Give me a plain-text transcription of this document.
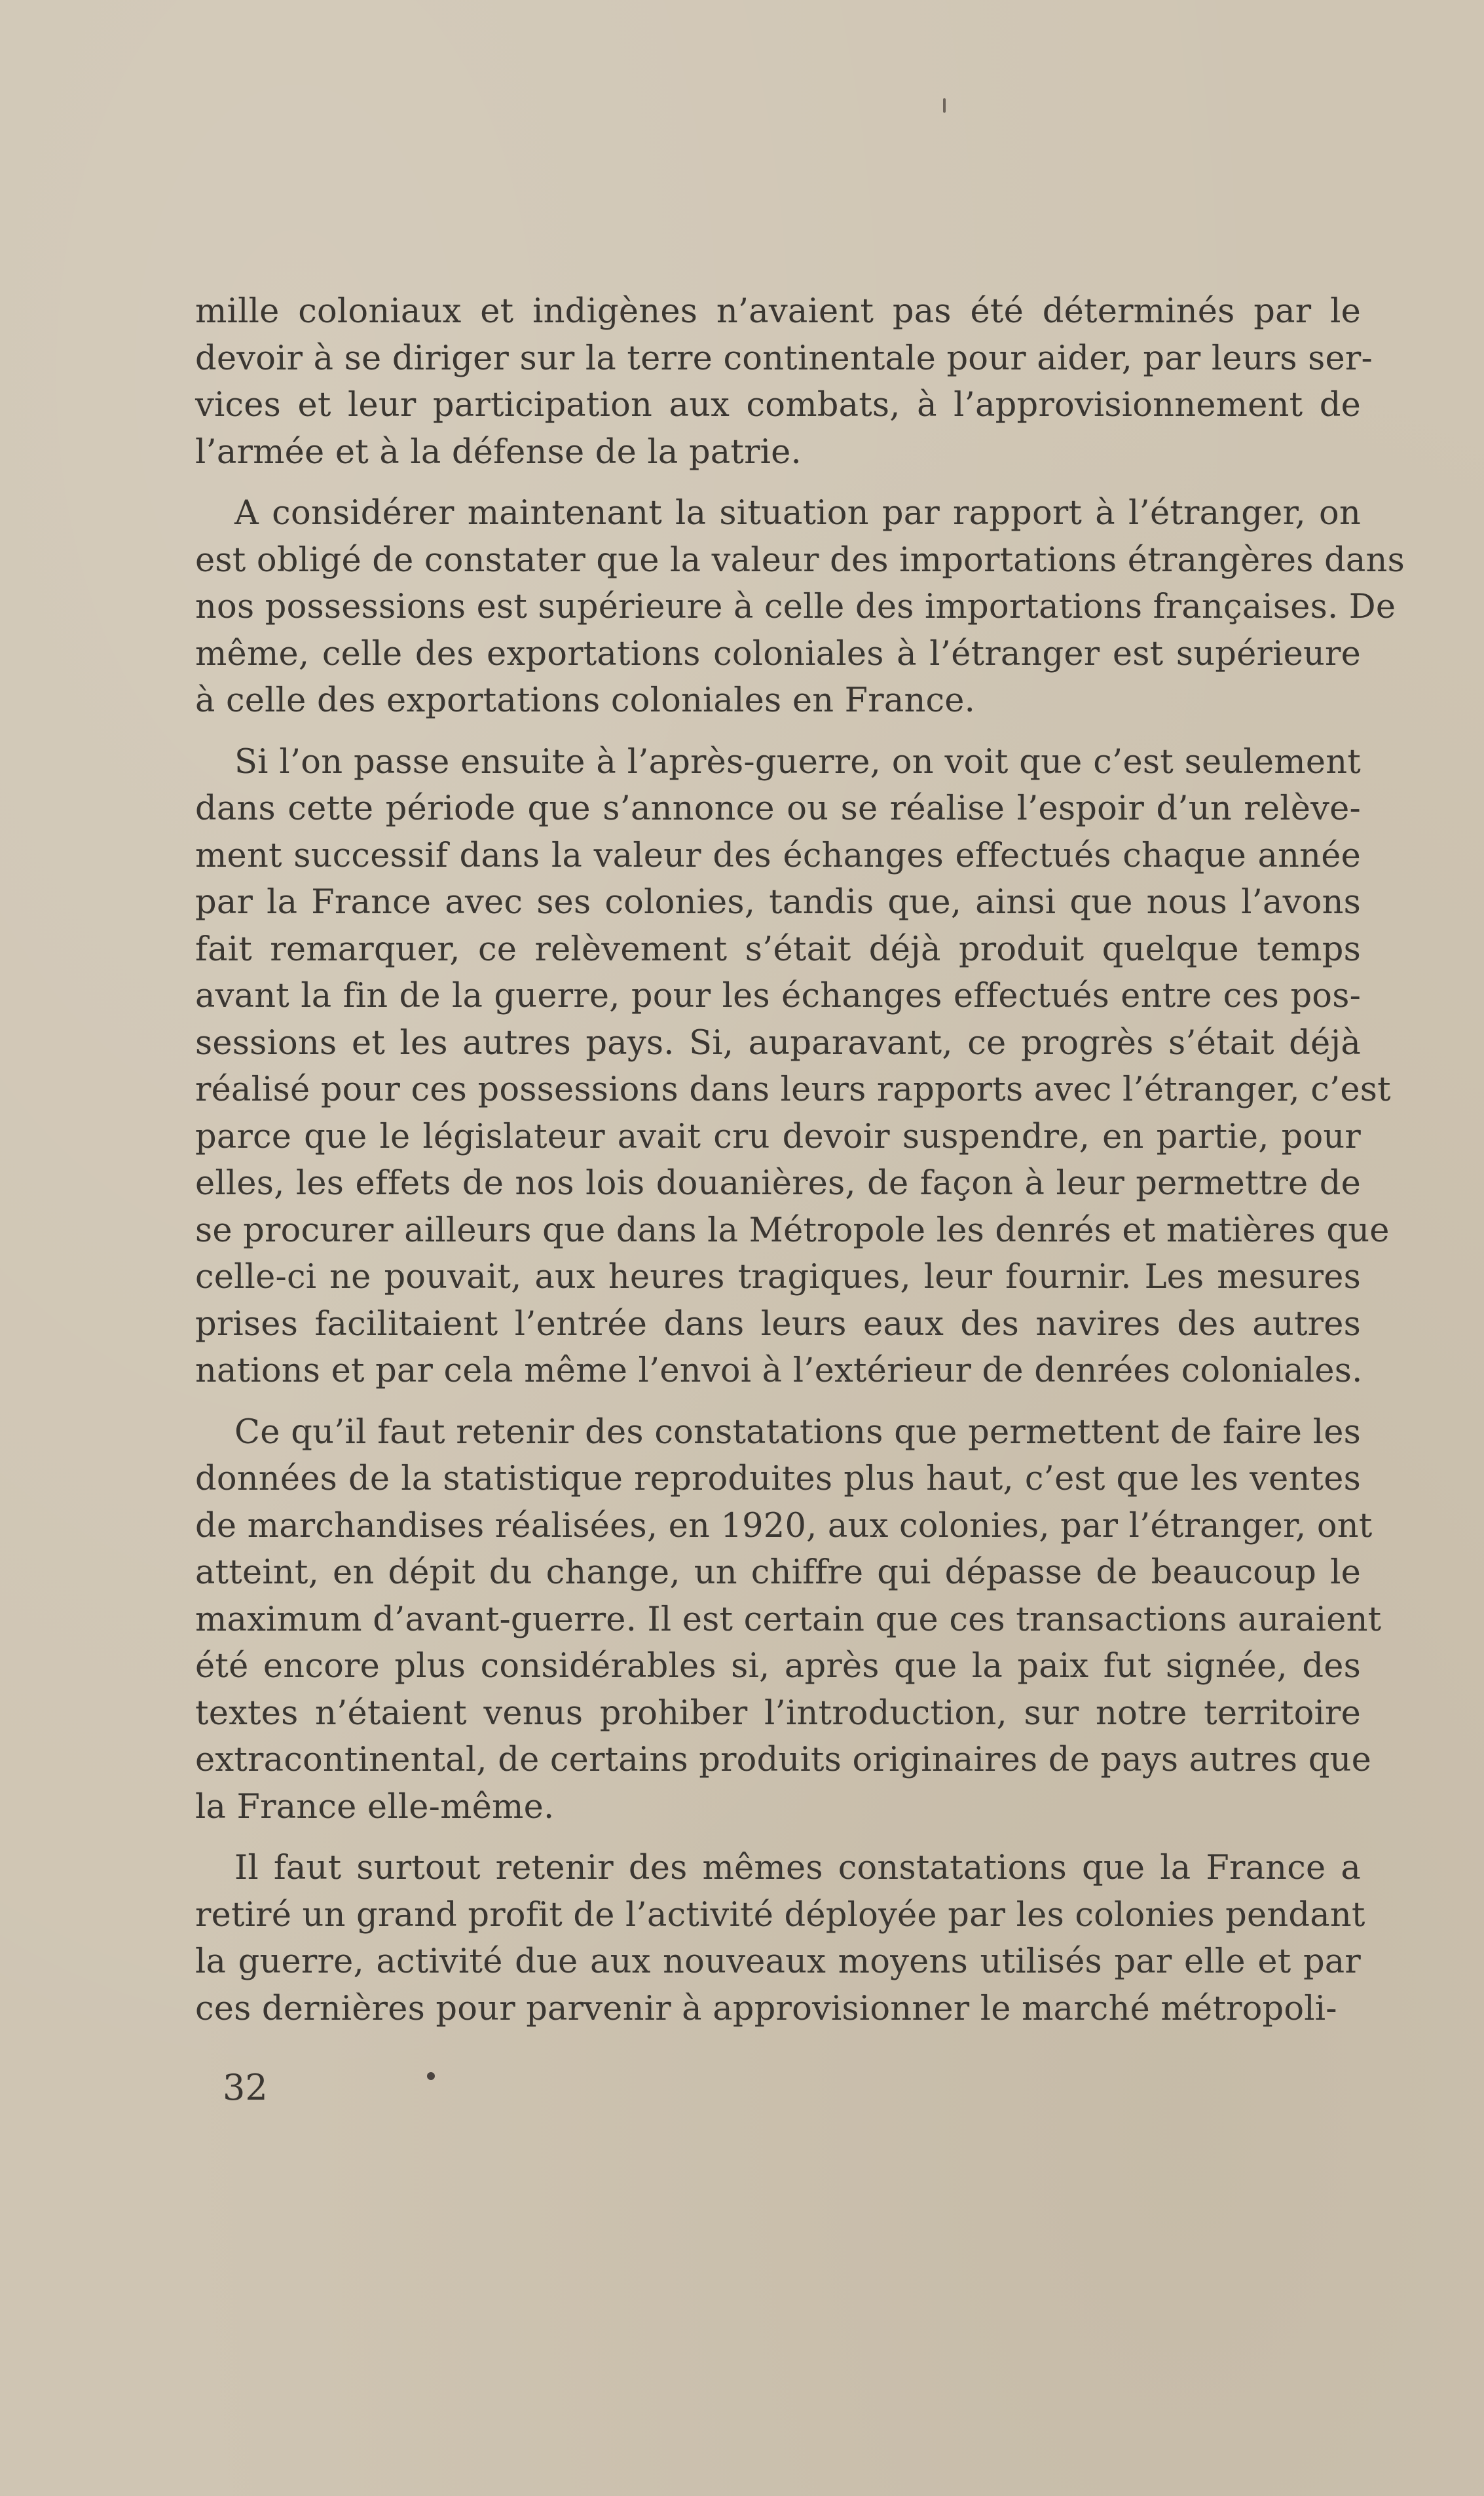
mille coloniaux et indigènes n’avaient pas été déterminés par le
devoir à se diriger sur la terre continentale pour aider, par leurs ser-
vices et leur participation aux combats, à l’approvisionnement de
l’armée et à la défense de la patrie.

A considérer maintenant la situation par rapport à l’étranger, on
est obligé de constater que la valeur des importations étrangères dans
nos possessions est supérieure à celle des importations françaises. De
même, celle des exportations coloniales à l’étranger est supérieure
à celle des exportations coloniales en France.

Si l’on passe ensuite à l’après-guerre, on voit que c’est seulement
dans cette période que s’annonce ou se réalise l’espoir d’un relève-
ment successif dans la valeur des échanges effectués chaque année
par la France avec ses colonies, tandis que, ainsi que nous l’avons
fait remarquer, ce relèvement s’était déjà produit quelque temps
avant la fin de la guerre, pour les échanges effectués entre ces pos-
sessions et les autres pays. Si, auparavant, ce progrès s’était déjà
réalisé pour ces possessions dans leurs rapports avec l’étranger, c’est
parce que le législateur avait cru devoir suspendre, en partie, pour
elles, les effets de nos lois douanières, de façon à leur permettre de
se procurer ailleurs que dans la Métropole les denrés et matières que
celle-ci ne pouvait, aux heures tragiques, leur fournir. Les mesures
prises facilitaient l’entrée dans leurs eaux des navires des autres
nations et par cela même l’envoi à l’extérieur de denrées coloniales.

Ce qu’il faut retenir des constatations que permettent de faire les
données de la statistique reproduites plus haut, c’est que les ventes
de marchandises réalisées, en 1920, aux colonies, par l’étranger, ont
atteint, en dépit du change, un chiffre qui dépasse de beaucoup le
maximum d’avant-guerre. Il est certain que ces transactions auraient
été encore plus considérables si, après que la paix fut signée, des
textes n’étaient venus prohiber l’introduction, sur notre territoire
extracontinental, de certains produits originaires de pays autres que
la France elle-même.

Il faut surtout retenir des mêmes constatations que la France a
retiré un grand profit de l’activité déployée par les colonies pendant
la guerre, activité due aux nouveaux moyens utilisés par elle et par
ces dernières pour parvenir à approvisionner le marché métropoli-

32
